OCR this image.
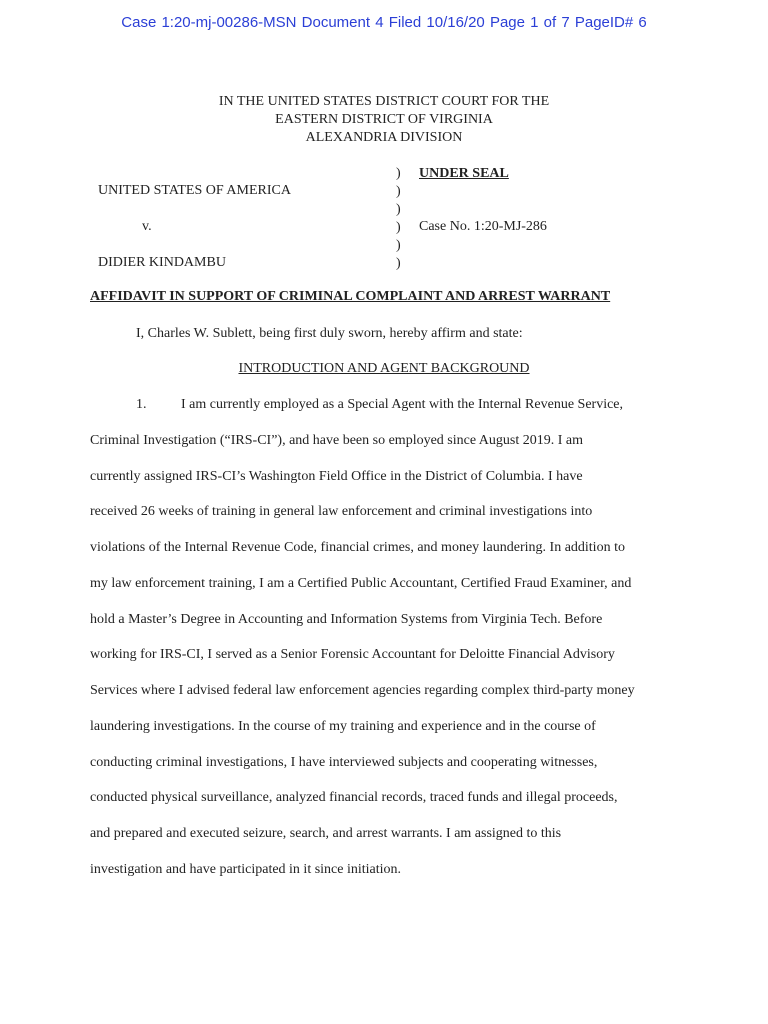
Case 1:20-mj-00286-MSN Document 4 Filed 10/16/20 Page 1 of 7 PageID# 6
IN THE UNITED STATES DISTRICT COURT FOR THE
EASTERN DISTRICT OF VIRGINIA
ALEXANDRIA DIVISION
UNITED STATES OF AMERICA
v.
DIDIER KINDAMBU
)
)
)
)
)
)
UNDER SEAL
Case No. 1:20-MJ-286
AFFIDAVIT IN SUPPORT OF CRIMINAL COMPLAINT AND ARREST WARRANT
I, Charles W. Sublett, being first duly sworn, hereby affirm and state:
INTRODUCTION AND AGENT BACKGROUND
1. I am currently employed as a Special Agent with the Internal Revenue Service,
Criminal Investigation (“IRS-CI”), and have been so employed since August 2019. I am
currently assigned IRS-CI’s Washington Field Office in the District of Columbia. I have
received 26 weeks of training in general law enforcement and criminal investigations into
violations of the Internal Revenue Code, financial crimes, and money laundering. In addition to
my law enforcement training, I am a Certified Public Accountant, Certified Fraud Examiner, and
hold a Master’s Degree in Accounting and Information Systems from Virginia Tech. Before
working for IRS-CI, I served as a Senior Forensic Accountant for Deloitte Financial Advisory
Services where I advised federal law enforcement agencies regarding complex third-party money
laundering investigations. In the course of my training and experience and in the course of
conducting criminal investigations, I have interviewed subjects and cooperating witnesses,
conducted physical surveillance, analyzed financial records, traced funds and illegal proceeds,
and prepared and executed seizure, search, and arrest warrants. I am assigned to this
investigation and have participated in it since initiation.
